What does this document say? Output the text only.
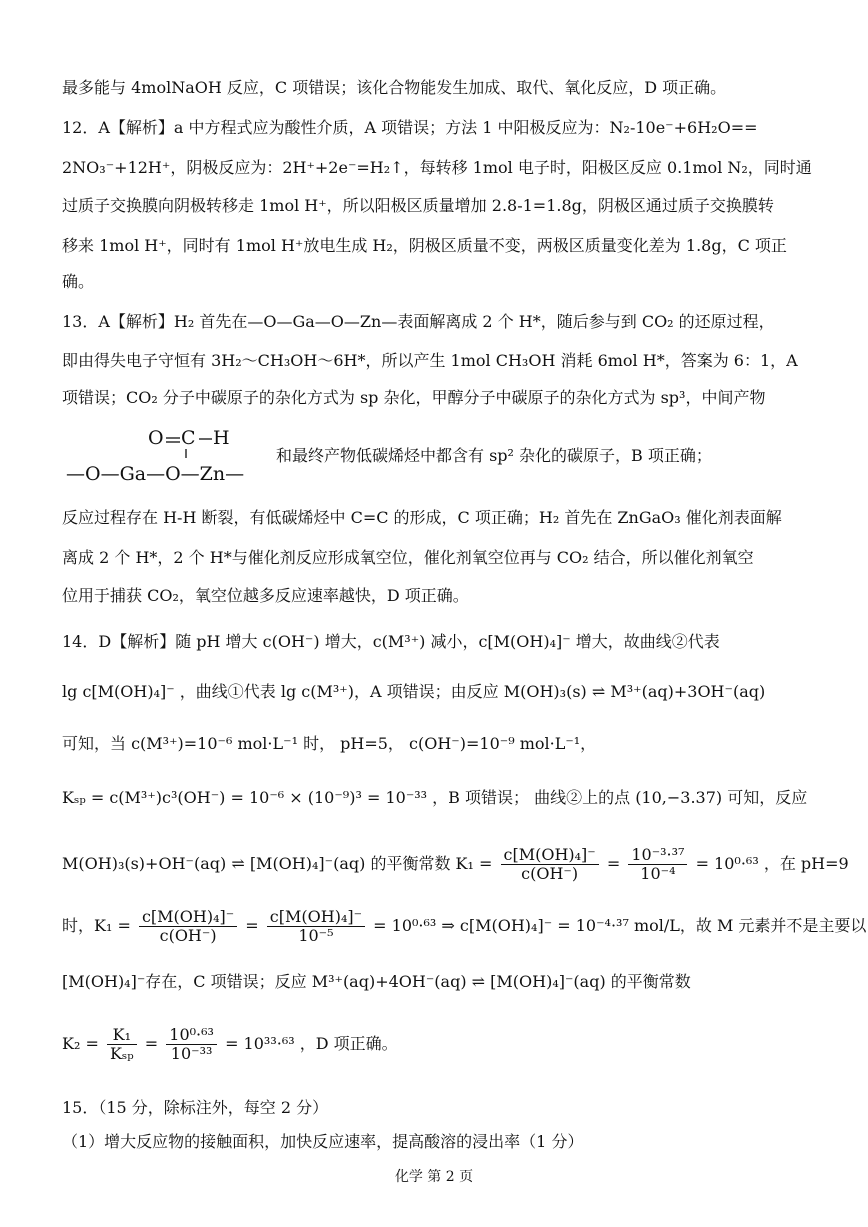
最多能与 4molNaOH 反应，C 项错误；该化合物能发生加成、取代、氧化反应，D 项正确。
12．A【解析】a 中方程式应为酸性介质，A 项错误；方法 1 中阳极反应为：N₂-10e⁻+6H₂O==
2NO₃⁻+12H⁺，阴极反应为：2H⁺+2e⁻=H₂↑，每转移 1mol 电子时，阳极区反应 0.1mol N₂，同时通
过质子交换膜向阴极转移走 1mol H⁺，所以阳极区质量增加 2.8-1=1.8g，阴极区通过质子交换膜转
移来 1mol H⁺，同时有 1mol H⁺放电生成 H₂，阴极区质量不变，两极区质量变化差为 1.8g，C 项正
确。
13．A【解析】H₂ 首先在—O—Ga—O—Zn—表面解离成 2 个 H*，随后参与到 CO₂ 的还原过程，
即由得失电子守恒有 3H₂～CH₃OH～6H*，所以产生 1mol CH₃OH 消耗 6mol H*，答案为 6：1，A
项错误；CO₂ 分子中碳原子的杂化方式为 sp 杂化，甲醇分子中碳原子的杂化方式为 sp³，中间产物
O C H
—O—Ga—O—Zn—
和最终产物低碳烯烃中都含有 sp² 杂化的碳原子，B 项正确；
反应过程存在 H-H 断裂，有低碳烯烃中 C=C 的形成，C 项正确；H₂ 首先在 ZnGaO₃ 催化剂表面解
离成 2 个 H*，2 个 H*与催化剂反应形成氧空位，催化剂氧空位再与 CO₂ 结合，所以催化剂氧空
位用于捕获 CO₂，氧空位越多反应速率越快，D 项正确。
14．D【解析】随 pH 增大 c(OH⁻) 增大，c(M³⁺) 减小，c[M(OH)₄]⁻ 增大，故曲线②代表
lg c[M(OH)₄]⁻ ，曲线①代表 lg c(M³⁺)，A 项错误；由反应 M(OH)₃(s) ⇌ M³⁺(aq)+3OH⁻(aq)
可知，当 c(M³⁺)=10⁻⁶ mol·L⁻¹ 时， pH=5， c(OH⁻)=10⁻⁹ mol·L⁻¹，
Kₛₚ = c(M³⁺)c³(OH⁻) = 10⁻⁶ × (10⁻⁹)³ = 10⁻³³ ，B 项错误； 曲线②上的点 (10,−3.37) 可知，反应
M(OH)₃(s)+OH⁻(aq) ⇌ [M(OH)₄]⁻(aq) 的平衡常数 $K_1 = \frac{\text{c[M(OH)₄]⁻}}{c(OH^-)} = \frac{\text{10⁻³·³⁷}}{\text{10⁻⁴}} = 10^0\cdot^{63}$ ，在 pH=9
时，$K_1 = \frac{\text{c[M(OH)₄]⁻}}{c(OH^-)} = \frac{\text{c[M(OH)₄]⁻}}{\text{10⁻⁵}} = 10^0\cdot^{63}$ ⇒ c[M(OH)₄]⁻ = 10⁻⁴·³⁷ mol/L，故 M 元素并不是主要以
[M(OH)₄]⁻存在，C 项错误；反应 M³⁺(aq)+4OH⁻(aq) ⇌ [M(OH)₄]⁻(aq) 的平衡常数
$K_2 = \frac{\text{K₁}}{\text{Kₛₚ}} = \frac{\text{10⁰·⁶³}}{\text{10⁻³³}} = 10^{33}\cdot^{63}$ ，D 项正确。
15．（15 分，除标注外，每空 2 分）
（1）增大反应物的接触面积，加快反应速率，提高酸溶的浸出率（1 分）
化学 第 2 页
